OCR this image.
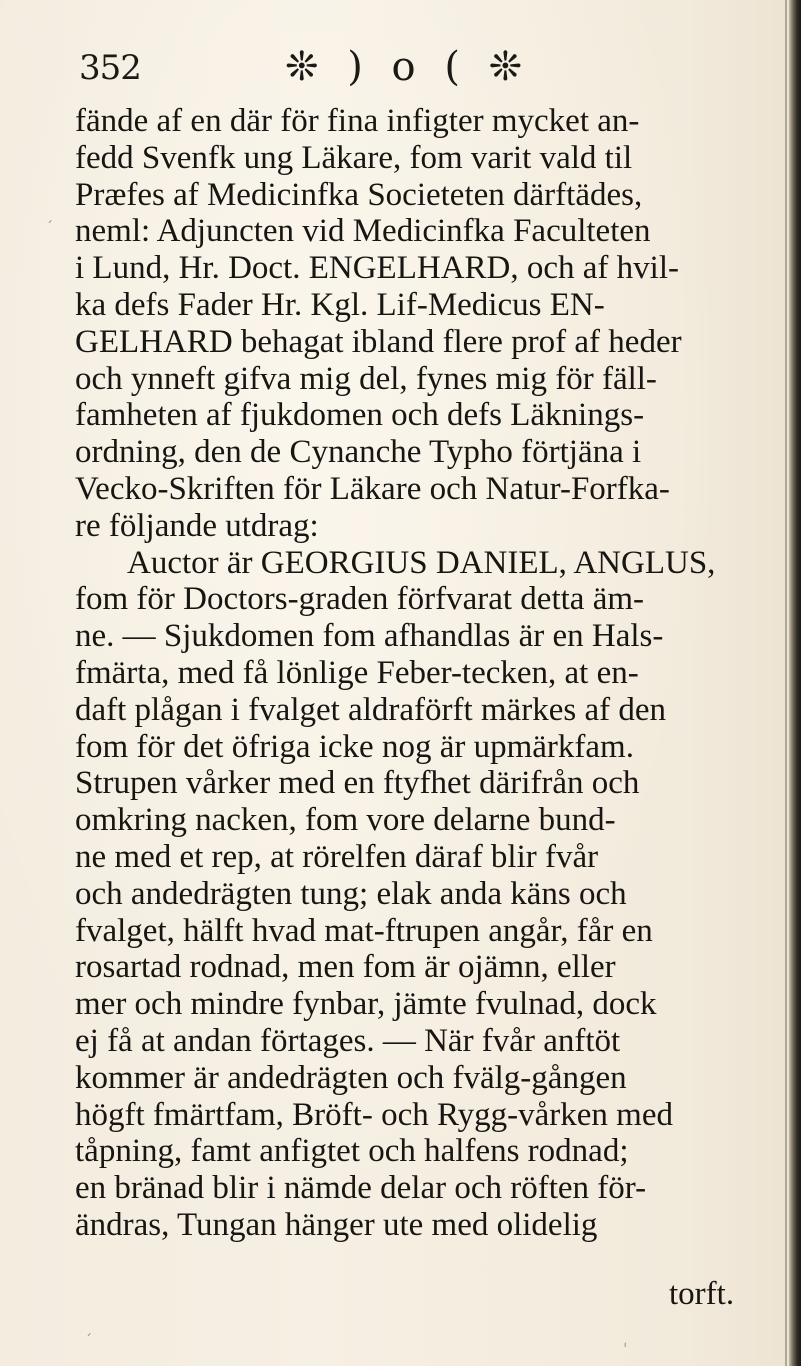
352	❊ ) o ( ❊
fände af en där för fina infigter mycket an-
fedd Svenfk ung Läkare, fom varit vald til
Præfes af Medicinfka Societeten därftädes,
neml: Adjuncten vid Medicinfka Faculteten
i Lund, Hr. Doct. ENGELHARD, och af hvil-
ka defs Fader Hr. Kgl. Lif-Medicus EN-
GELHARD behagat ibland flere prof af heder
och ynneft gifva mig del, fynes mig för fäll-
famheten af fjukdomen och defs Läknings-
ordning, den de Cynanche Typho förtjäna i
Vecko-Skriften för Läkare och Natur-Forfka-
re följande utdrag:
Auctor är GEORGIUS DANIEL, ANGLUS,
fom för Doctors-graden förfvarat detta äm-
ne. — Sjukdomen fom afhandlas är en Hals-
fmärta, med få lönlige Feber-tecken, at en-
daft plågan i fvalget aldraförft märkes af den
fom för det öfriga icke nog är upmärkfam.
Strupen vårker med en ftyfhet därifrån och
omkring nacken, fom vore delarne bund-
ne med et rep, at rörelfen däraf blir fvår
och andedrägten tung; elak anda käns och
fvalget, hälft hvad mat-ftrupen angår, får en
rosartad rodnad, men fom är ojämn, eller
mer och mindre fynbar, jämte fvulnad, dock
ej få at andan förtages. — När fvår anftöt
kommer är andedrägten och fvälg-gången
högft fmärtfam, Bröft- och Rygg-vårken med
tåpning, famt anfigtet och halfens rodnad;
en bränad blir i nämde delar och röften för-
ändras, Tungan hänger ute med olidelig
torft.
ˊ
ˊ	ˈ
